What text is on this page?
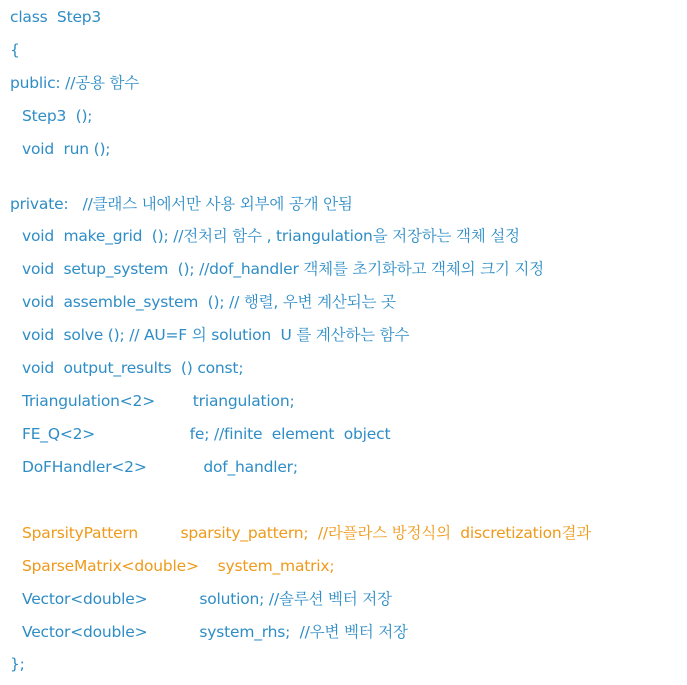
class  Step3

{

public: //공용 함수

Step3  ();

void  run ();

private:   //클래스 내에서만 사용 외부에 공개 안됨

void  make_grid  (); //전처리 함수 , triangulation을 저장하는 객체 설정

void  setup_system  (); //dof_handler 객체를 초기화하고 객체의 크기 지정

void  assemble_system  (); // 행렬, 우변 계산되는 곳

void  solve (); // AU=F 의 solution  U 를 계산하는 함수

void  output_results  () const;

Triangulation<2>        triangulation;

FE_Q<2>                    fe; //finite  element  object

DoFHandler<2>            dof_handler;

SparsityPattern         sparsity_pattern;  //라플라스 방정식의  discretization결과

SparseMatrix<double>    system_matrix;

Vector<double>           solution; //솔루션 벡터 저장

Vector<double>           system_rhs;  //우변 벡터 저장

};
